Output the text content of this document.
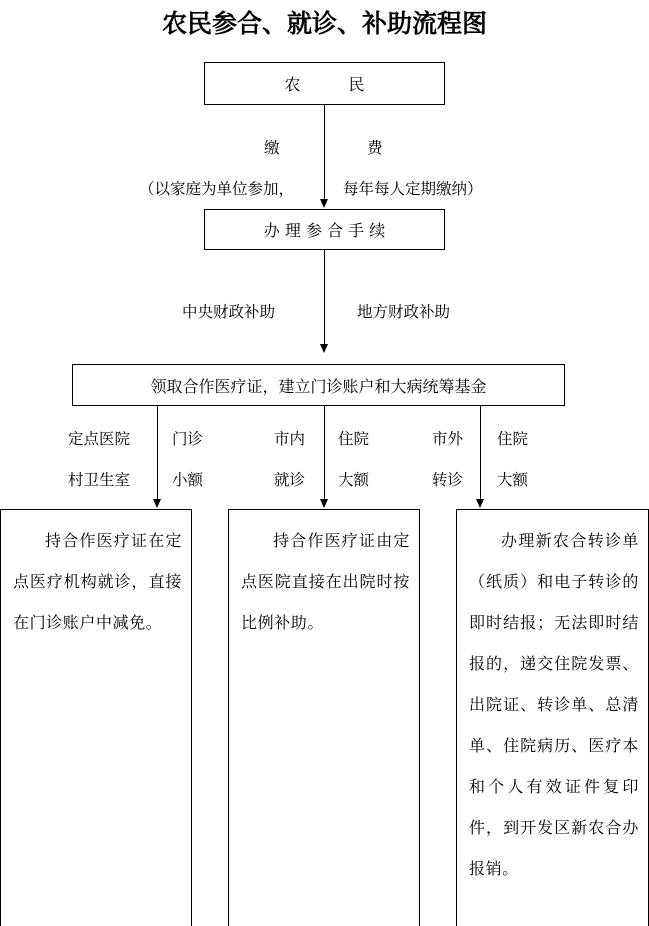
农民参合、就诊、补助流程图
农　　　民
缴	费
（以家庭为单位参加，	每年每人定期缴纳）
办 理 参 合 手 续
中央财政补助	地方财政补助
领取合作医疗证，建立门诊账户和大病统筹基金
定点医院
村卫生室
门诊
小额
市内
就诊
住院
大额
市外
转诊
住院
大额
持合作医疗证在定点医疗机构就诊，直接在门诊账户中减免。
持合作医疗证由定点医院直接在出院时按比例补助。
办理新农合转诊单（纸质）和电子转诊的即时结报；无法即时结报的，递交住院发票、出院证、转诊单、总清单、住院病历、医疗本和个人有效证件复印件，到开发区新农合办报销。
